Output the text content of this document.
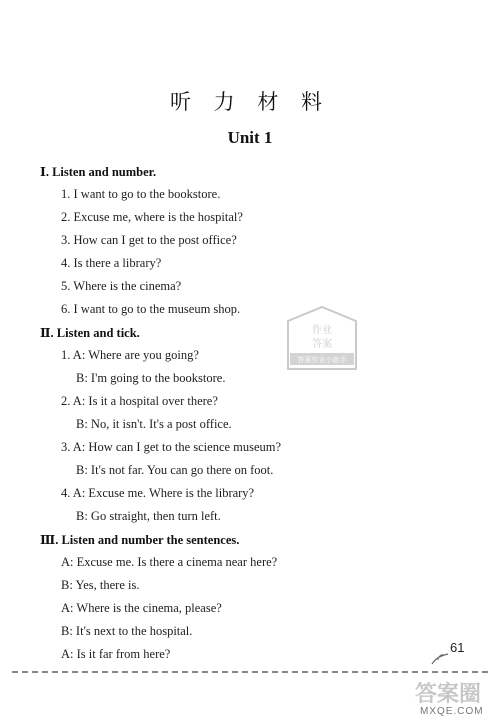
听 力 材 料
Unit 1
Ⅰ. Listen and number.
1. I want to go to the bookstore.
2. Excuse me, where is the hospital?
3. How can I get to the post office?
4. Is there a library?
5. Where is the cinema?
6. I want to go to the museum shop.
Ⅱ. Listen and tick.
1. A: Where are you going?
B: I'm going to the bookstore.
2. A: Is it a hospital over there?
B: No, it isn't. It's a post office.
3. A: How can I get to the science museum?
B: It's not far. You can go there on foot.
4. A: Excuse me. Where is the library?
B: Go straight, then turn left.
Ⅲ. Listen and number the sentences.
A: Excuse me. Is there a cinema near here?
B: Yes, there is.
A: Where is the cinema, please?
B: It's next to the hospital.
A: Is it far from here?
作业
答案
答案作业小助手
61
答案圈
MXQE.COM
